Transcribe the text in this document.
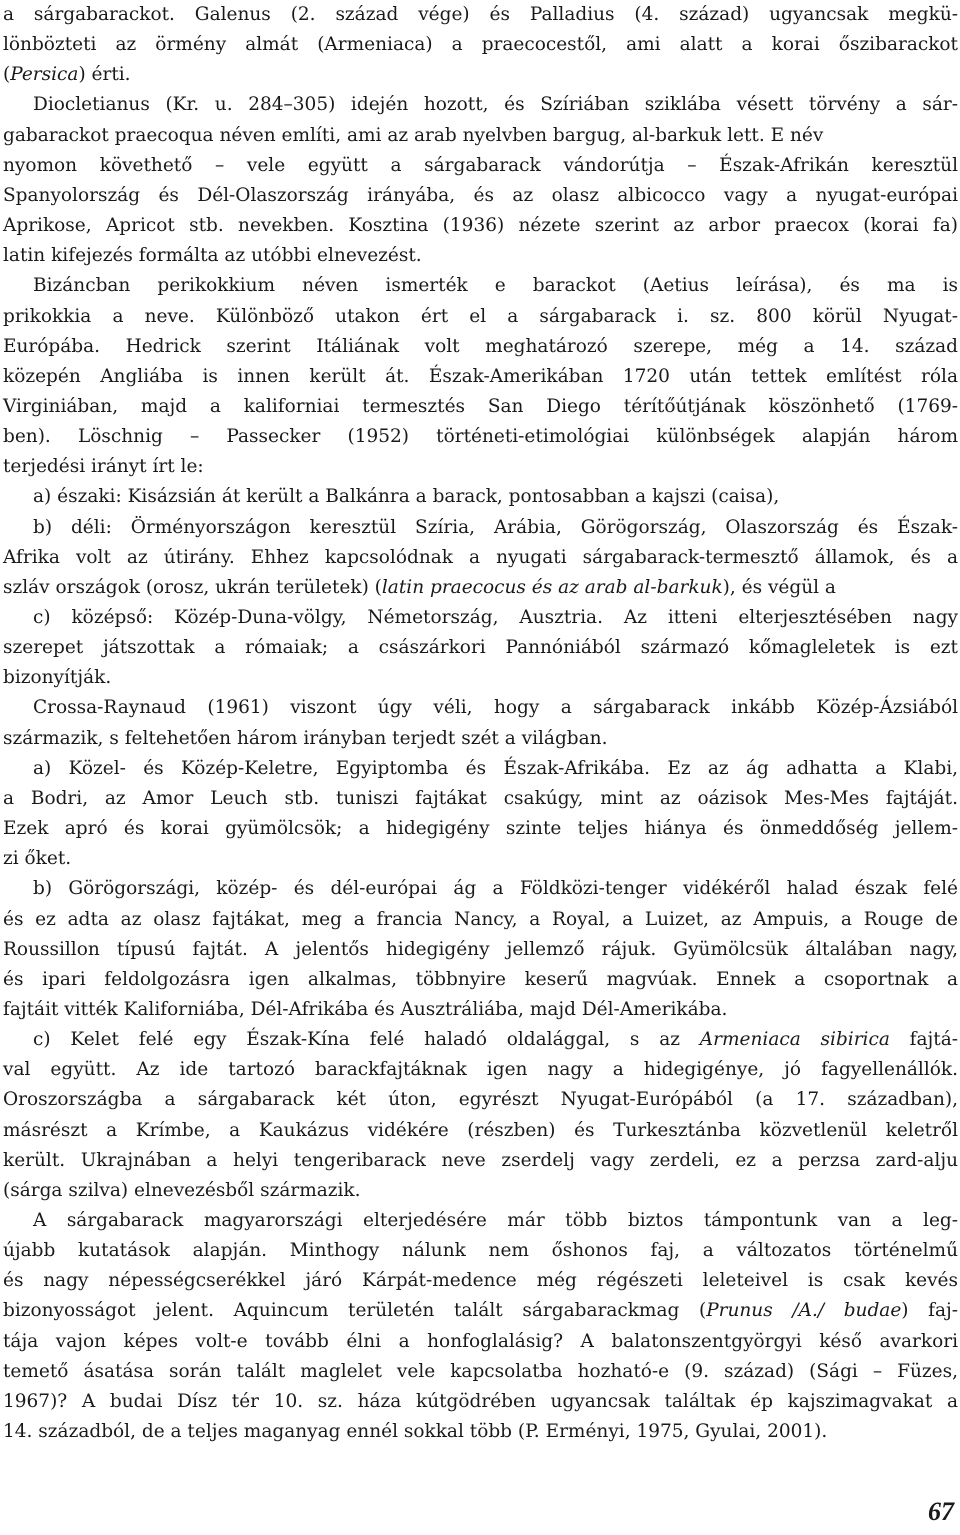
a sárgabarackot. Galenus (2. század vége) és Palladius (4. század) ugyancsak megkü-
lönbözteti az örmény almát (Armeniaca) a praecocestől, ami alatt a korai őszibarackot
(Persica) érti.
Diocletianus (Kr. u. 284–305) idején hozott, és Szíriában sziklába vésett törvény a sár-
gabarackot praecoqua néven említi, ami az arab nyelvben bargug, al-barkuk lett. E név
nyomon követhető – vele együtt a sárgabarack vándorútja – Észak-Afrikán keresztül
Spanyolország és Dél-Olaszország irányába, és az olasz albicocco vagy a nyugat-európai
Aprikose, Apricot stb. nevekben. Kosztina (1936) nézete szerint az arbor praecox (korai fa)
latin kifejezés formálta az utóbbi elnevezést.
Bizáncban perikokkium néven ismerték e barackot (Aetius leírása), és ma is
prikokkia a neve. Különböző utakon ért el a sárgabarack i. sz. 800 körül Nyugat-
Európába. Hedrick szerint Itáliának volt meghatározó szerepe, még a 14. század
közepén Angliába is innen került át. Észak-Amerikában 1720 után tettek említést róla
Virginiában, majd a kaliforniai termesztés San Diego térítőútjának köszönhető (1769-
ben). Löschnig – Passecker (1952) történeti-etimológiai különbségek alapján három
terjedési irányt írt le:
a) északi: Kisázsián át került a Balkánra a barack, pontosabban a kajszi (caisa),
b) déli: Örményországon keresztül Szíria, Arábia, Görögország, Olaszország és Észak-
Afrika volt az útirány. Ehhez kapcsolódnak a nyugati sárgabarack-termesztő államok, és a
szláv országok (orosz, ukrán területek) (latin praecocus és az arab al-barkuk), és végül a
c) középső: Közép-Duna-völgy, Németország, Ausztria. Az itteni elterjesztésében nagy
szerepet játszottak a rómaiak; a császárkori Pannóniából származó kőmagleletek is ezt
bizonyítják.
Crossa-Raynaud (1961) viszont úgy véli, hogy a sárgabarack inkább Közép-Ázsiából
származik, s feltehetően három irányban terjedt szét a világban.
a) Közel- és Közép-Keletre, Egyiptomba és Észak-Afrikába. Ez az ág adhatta a Klabi,
a Bodri, az Amor Leuch stb. tuniszi fajtákat csakúgy, mint az oázisok Mes-Mes fajtáját.
Ezek apró és korai gyümölcsök; a hidegigény szinte teljes hiánya és önmeddőség jellem-
zi őket.
b) Görögországi, közép- és dél-európai ág a Földközi-tenger vidékéről halad észak felé
és ez adta az olasz fajtákat, meg a francia Nancy, a Royal, a Luizet, az Ampuis, a Rouge de
Roussillon típusú fajtát. A jelentős hidegigény jellemző rájuk. Gyümölcsük általában nagy,
és ipari feldolgozásra igen alkalmas, többnyire keserű magvúak. Ennek a csoportnak a
fajtáit vitték Kaliforniába, Dél-Afrikába és Ausztráliába, majd Dél-Amerikába.
c) Kelet felé egy Észak-Kína felé haladó oldalággal, s az Armeniaca sibirica fajtá-
val együtt. Az ide tartozó barackfajtáknak igen nagy a hidegigénye, jó fagyellenállók.
Oroszországba a sárgabarack két úton, egyrészt Nyugat-Európából (a 17. században),
másrészt a Krímbe, a Kaukázus vidékére (részben) és Turkesztánba közvetlenül keletről
került. Ukrajnában a helyi tengeribarack neve zserdelj vagy zerdeli, ez a perzsa zard-alju
(sárga szilva) elnevezésből származik.
A sárgabarack magyarországi elterjedésére már több biztos támpontunk van a leg-
újabb kutatások alapján. Minthogy nálunk nem őshonos faj, a változatos történelmű
és nagy népességcserékkel járó Kárpát-medence még régészeti leleteivel is csak kevés
bizonyosságot jelent. Aquincum területén talált sárgabarackmag (Prunus /A./ budae) faj-
tája vajon képes volt-e tovább élni a honfoglalásig? A balatonszentgyörgyi késő avarkori
temető ásatása során talált maglelet vele kapcsolatba hozható-e (9. század) (Sági – Füzes,
1967)? A budai Dísz tér 10. sz. háza kútgödrében ugyancsak találtak ép kajszimagvakat a
14. századból, de a teljes maganyag ennél sokkal több (P. Erményi, 1975, Gyulai, 2001).
67
